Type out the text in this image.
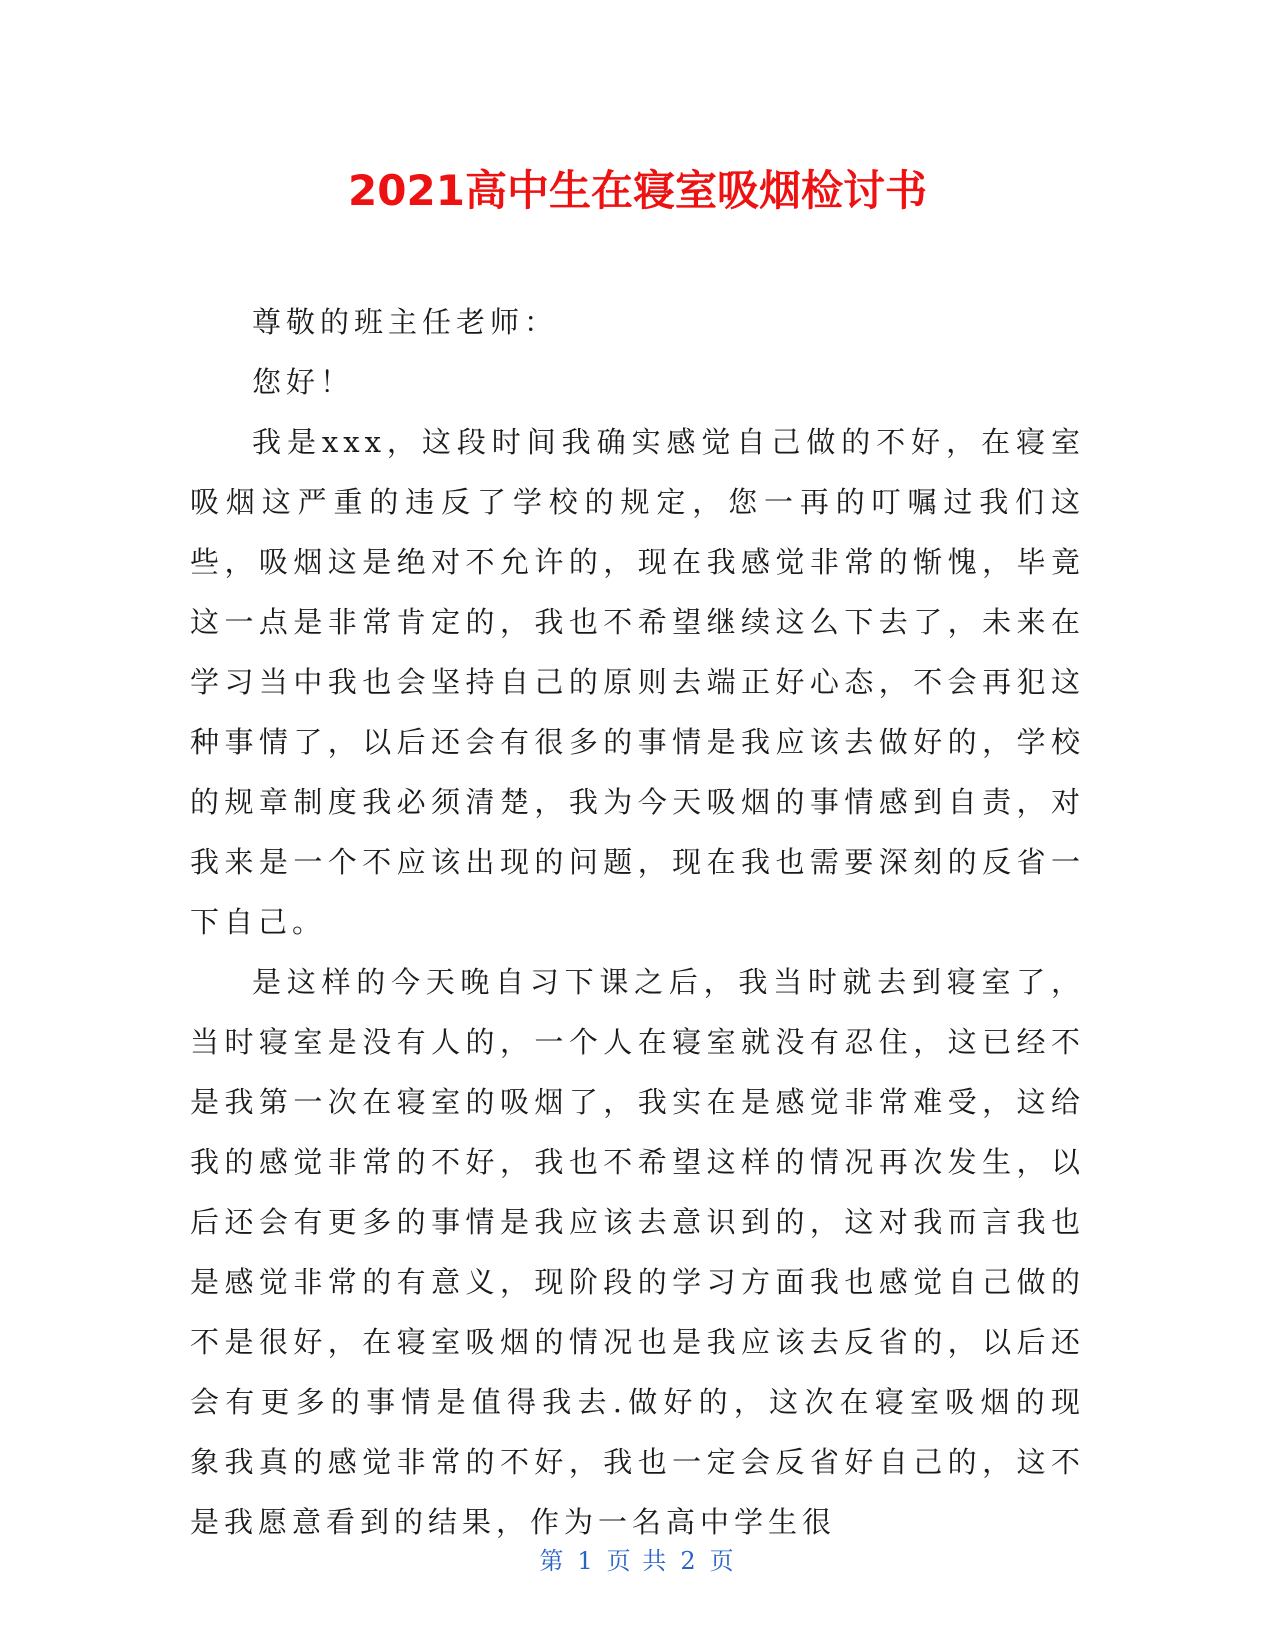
2021高中生在寝室吸烟检讨书

尊敬的班主任老师：

您好！

我是xxx，这段时间我确实感觉自己做的不好，在寝室吸烟这严重的违反了学校的规定，您一再的叮嘱过我们这些，吸烟这是绝对不允许的，现在我感觉非常的惭愧，毕竟这一点是非常肯定的，我也不希望继续这么下去了，未来在学习当中我也会坚持自己的原则去端正好心态，不会再犯这种事情了，以后还会有很多的事情是我应该去做好的，学校的规章制度我必须清楚，我为今天吸烟的事情感到自责，对我来是一个不应该出现的问题，现在我也需要深刻的反省一下自己。

是这样的今天晚自习下课之后，我当时就去到寝室了，当时寝室是没有人的，一个人在寝室就没有忍住，这已经不是我第一次在寝室的吸烟了，我实在是感觉非常难受，这给我的感觉非常的不好，我也不希望这样的情况再次发生，以后还会有更多的事情是我应该去意识到的，这对我而言我也是感觉非常的有意义，现阶段的学习方面我也感觉自己做的不是很好，在寝室吸烟的情况也是我应该去反省的，以后还会有更多的事情是值得我去.做好的，这次在寝室吸烟的现象我真的感觉非常的不好，我也一定会反省好自己的，这不是我愿意看到的结果，作为一名高中学生很

第 1 页 共 2 页
